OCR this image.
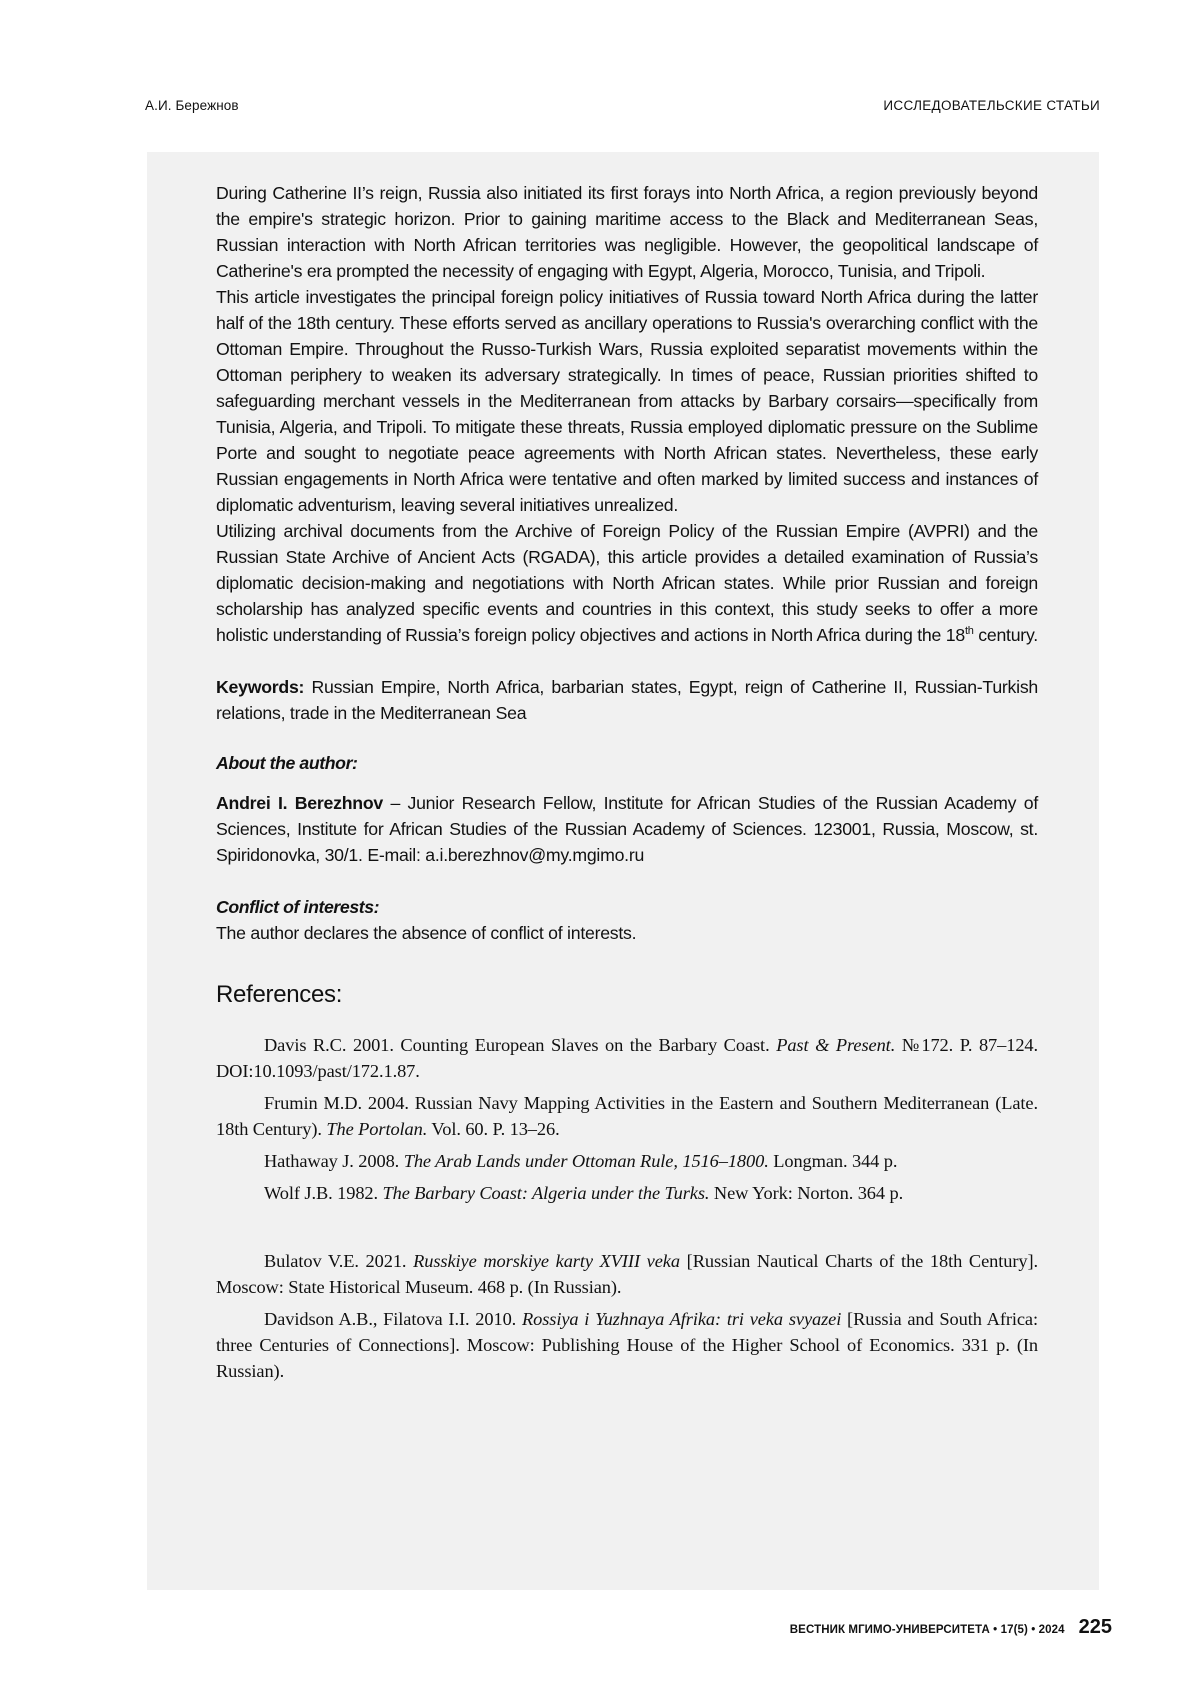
А.И. Бережнов	ИССЛЕДОВАТЕЛЬСКИЕ СТАТЬИ

During Catherine II’s reign, Russia also initiated its first forays into North Africa, a region previously beyond the empire's strategic horizon. Prior to gaining maritime access to the Black and Mediterranean Seas, Russian interaction with North African territories was negligible. However, the geopolitical landscape of Catherine's era prompted the necessity of engaging with Egypt, Algeria, Morocco, Tunisia, and Tripoli.

This article investigates the principal foreign policy initiatives of Russia toward North Africa during the latter half of the 18th century. These efforts served as ancillary operations to Russia's overarching conflict with the Ottoman Empire. Throughout the Russo-Turkish Wars, Russia exploited separatist movements within the Ottoman periphery to weaken its adversary strategically. In times of peace, Russian priorities shifted to safeguarding merchant vessels in the Mediterranean from attacks by Barbary corsairs—specifically from Tunisia, Algeria, and Tripoli. To mitigate these threats, Russia employed diplomatic pressure on the Sublime Porte and sought to negotiate peace agreements with North African states. Nevertheless, these early Russian engagements in North Africa were tentative and often marked by limited success and instances of diplomatic adventurism, leaving several initiatives unrealized.

Utilizing archival documents from the Archive of Foreign Policy of the Russian Empire (AVPRI) and the Russian State Archive of Ancient Acts (RGADA), this article provides a detailed examination of Russia’s diplomatic decision-making and negotiations with North African states. While prior Russian and foreign scholarship has analyzed specific events and countries in this context, this study seeks to offer a more holistic understanding of Russia’s foreign policy objectives and actions in North Africa during the 18th century.

Keywords: Russian Empire, North Africa, barbarian states, Egypt, reign of Catherine II, Russian-Turkish relations, trade in the Mediterranean Sea

About the author:

Andrei I. Berezhnov – Junior Research Fellow, Institute for African Studies of the Russian Academy of Sciences, Institute for African Studies of the Russian Academy of Sciences. 123001, Russia, Moscow, st. Spiridonovka, 30/1. E-mail: a.i.berezhnov@my.mgimo.ru

Conflict of interests:

The author declares the absence of conflict of interests.

References:

Davis R.C. 2001. Counting European Slaves on the Barbary Coast. Past & Present. №172. P. 87–124. DOI:10.1093/past/172.1.87.

Frumin M.D. 2004. Russian Navy Mapping Activities in the Eastern and Southern Mediterranean (Late. 18th Century). The Portolan. Vol. 60. P. 13–26.

Hathaway J. 2008. The Arab Lands under Ottoman Rule, 1516–1800. Longman. 344 p.

Wolf J.B. 1982. The Barbary Coast: Algeria under the Turks. New York: Norton. 364 p.

Bulatov V.E. 2021. Russkiye morskiye karty XVIII veka [Russian Nautical Charts of the 18th Century]. Moscow: State Historical Museum. 468 p. (In Russian).

Davidson A.B., Filatova I.I. 2010. Rossiya i Yuzhnaya Afrika: tri veka svyazei [Russia and South Africa: three Centuries of Connections]. Moscow: Publishing House of the Higher School of Economics. 331 p. (In Russian).

ВЕСТНИК МГИМО-УНИВЕРСИТЕТА • 17(5) • 2024 225
